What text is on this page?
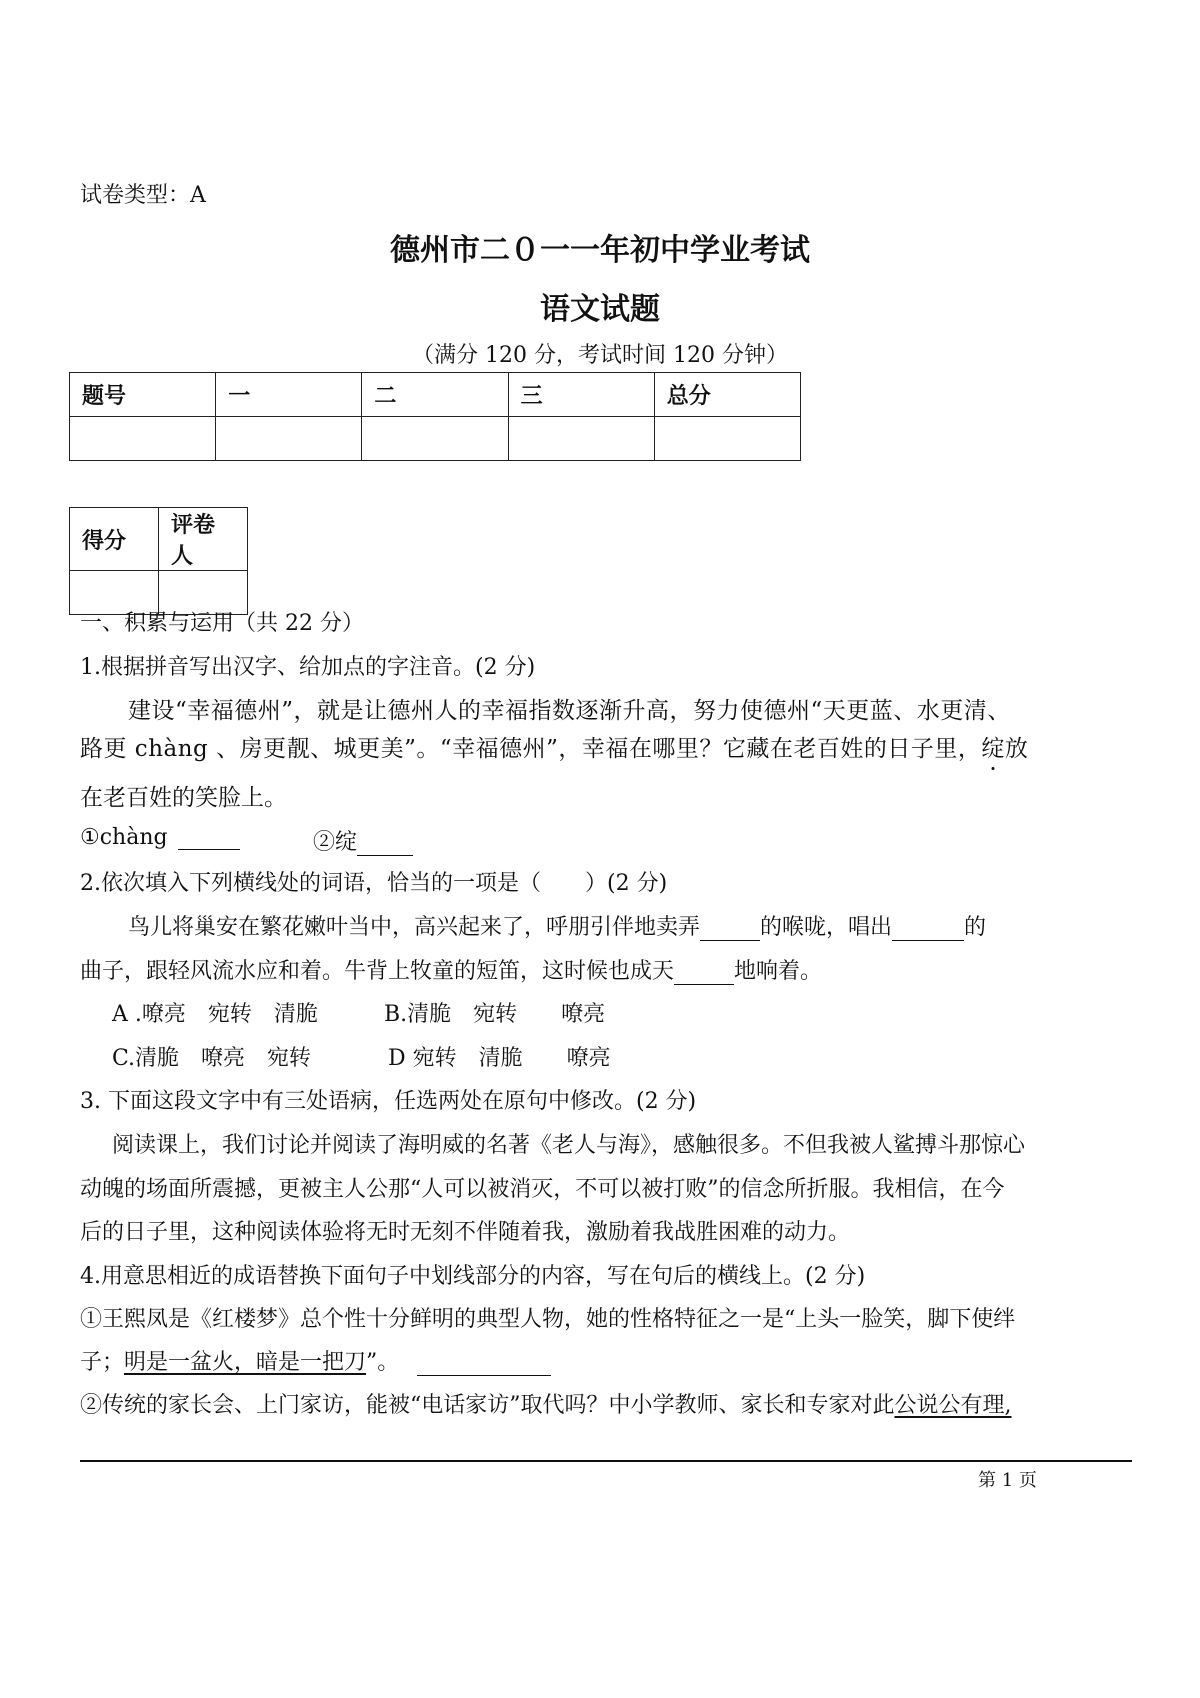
试卷类型：A

德州市二０一一年初中学业考试

语文试题

（满分 120 分，考试时间 120 分钟）

题号	一	二	三	总分

得分	评卷人

一、积累与运用（共 22 分）

1.根据拼音写出汉字、给加点的字注音。(2 分)

建设“幸福德州”，就是让德州人的幸福指数逐渐升高，努力使德州“天更蓝、水更清、

路更 chàng 、房更靓、城更美”。“幸福德州”，幸福在哪里？它藏在老百姓的日子里，绽放

在老百姓的笑脸上。

①chàng	②绽

2.依次填入下列横线处的词语，恰当的一项是（　　）(2 分)

鸟儿将巢安在繁花嫩叶当中，高兴起来了，呼朋引伴地卖弄	的喉咙，唱出	的

曲子，跟轻风流水应和着。牛背上牧童的短笛，这时候也成天	地响着。

A .嘹亮　宛转　清脆	B.清脆　宛转　　嘹亮

C.清脆　嘹亮　宛转	D 宛转　清脆　　嘹亮

3. 下面这段文字中有三处语病，任选两处在原句中修改。(2 分)

阅读课上，我们讨论并阅读了海明威的名著《老人与海》，感触很多。不但我被人鲨搏斗那惊心

动魄的场面所震撼，更被主人公那“人可以被消灭，不可以被打败”的信念所折服。我相信，在今

后的日子里，这种阅读体验将无时无刻不伴随着我，激励着我战胜困难的动力。

4.用意思相近的成语替换下面句子中划线部分的内容，写在句后的横线上。(2 分)

①王熙凤是《红楼梦》总个性十分鲜明的典型人物，她的性格特征之一是“上头一脸笑，脚下使绊

子；明是一盆火，暗是一把刀”。

②传统的家长会、上门家访，能被“电话家访”取代吗？中小学教师、家长和专家对此公说公有理,

第 1 页
